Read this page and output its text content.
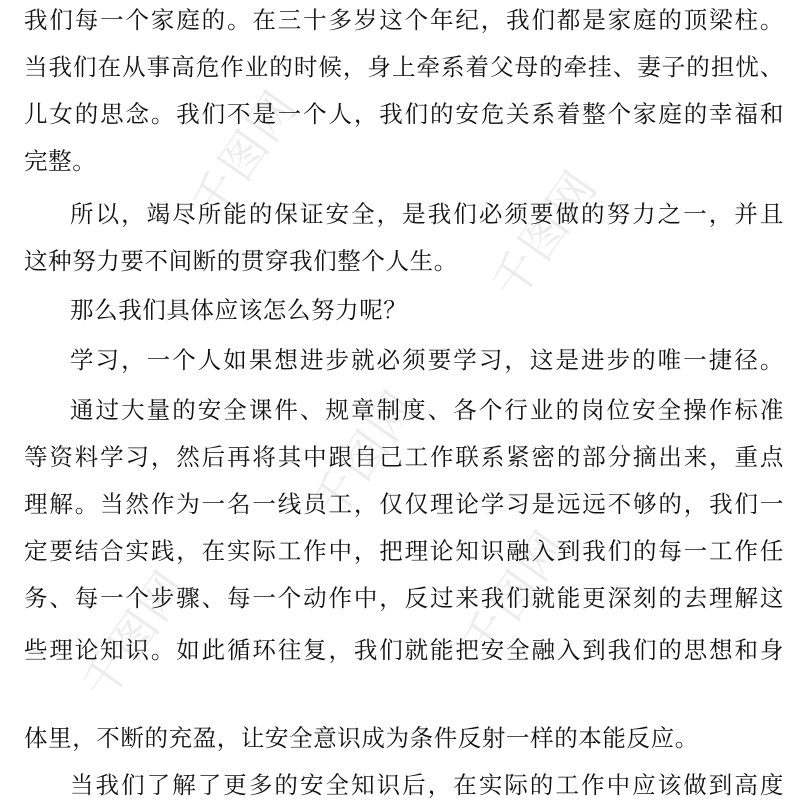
千图网
千图网
千图网
千图网
千图网
我们每一个家庭的。在三十多岁这个年纪，我们都是家庭的顶梁柱。
当我们在从事高危作业的时候，身上牵系着父母的牵挂、妻子的担忧、
儿女的思念。我们不是一个人，我们的安危关系着整个家庭的幸福和
完整。
所以，竭尽所能的保证安全，是我们必须要做的努力之一，并且
这种努力要不间断的贯穿我们整个人生。
那么我们具体应该怎么努力呢？
学习，一个人如果想进步就必须要学习，这是进步的唯一捷径。
通过大量的安全课件、规章制度、各个行业的岗位安全操作标准
等资料学习，然后再将其中跟自己工作联系紧密的部分摘出来，重点
理解。当然作为一名一线员工，仅仅理论学习是远远不够的，我们一
定要结合实践，在实际工作中，把理论知识融入到我们的每一工作任
务、每一个步骤、每一个动作中，反过来我们就能更深刻的去理解这
些理论知识。如此循环往复，我们就能把安全融入到我们的思想和身
体里，不断的充盈，让安全意识成为条件反射一样的本能反应。
当我们了解了更多的安全知识后，在实际的工作中应该做到高度
